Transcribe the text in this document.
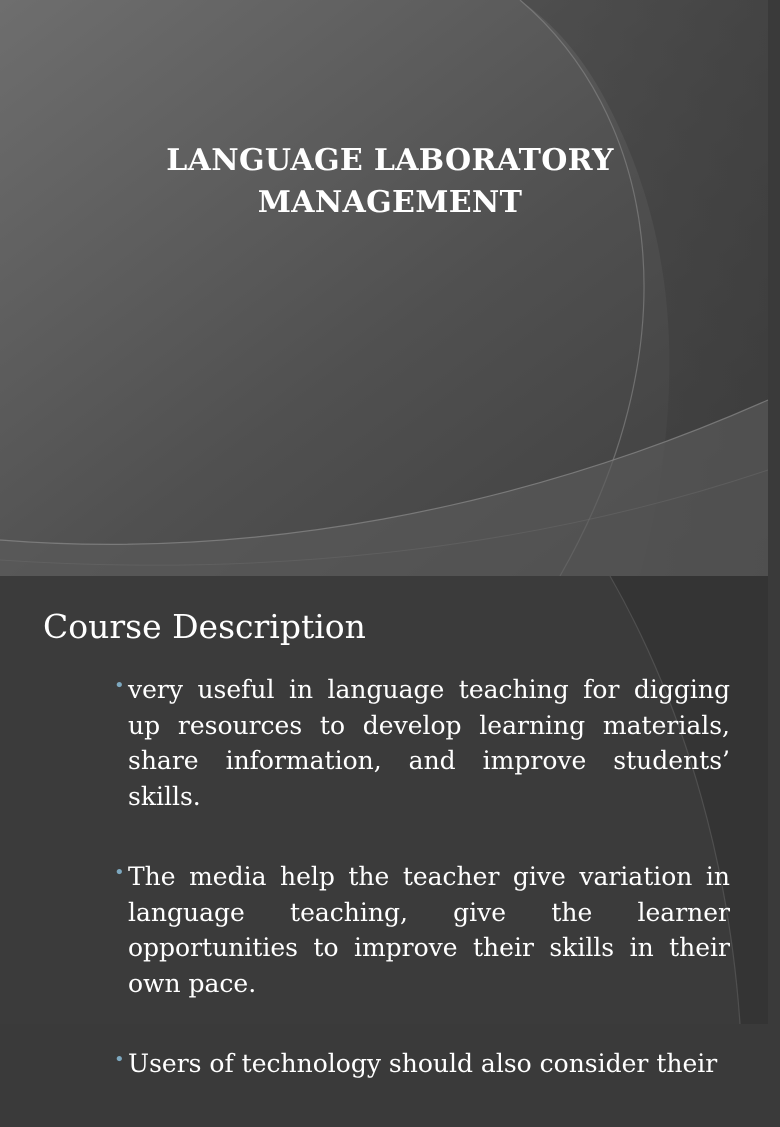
LANGUAGE LABORATORY
MANAGEMENT
Course Description
• very useful in language teaching for digging up resources to develop learning materials, share information, and improve students’ skills.
• The media help the teacher give variation in language teaching, give the learner opportunities to improve their skills in their own pace.
• Users of technology should also consider their
